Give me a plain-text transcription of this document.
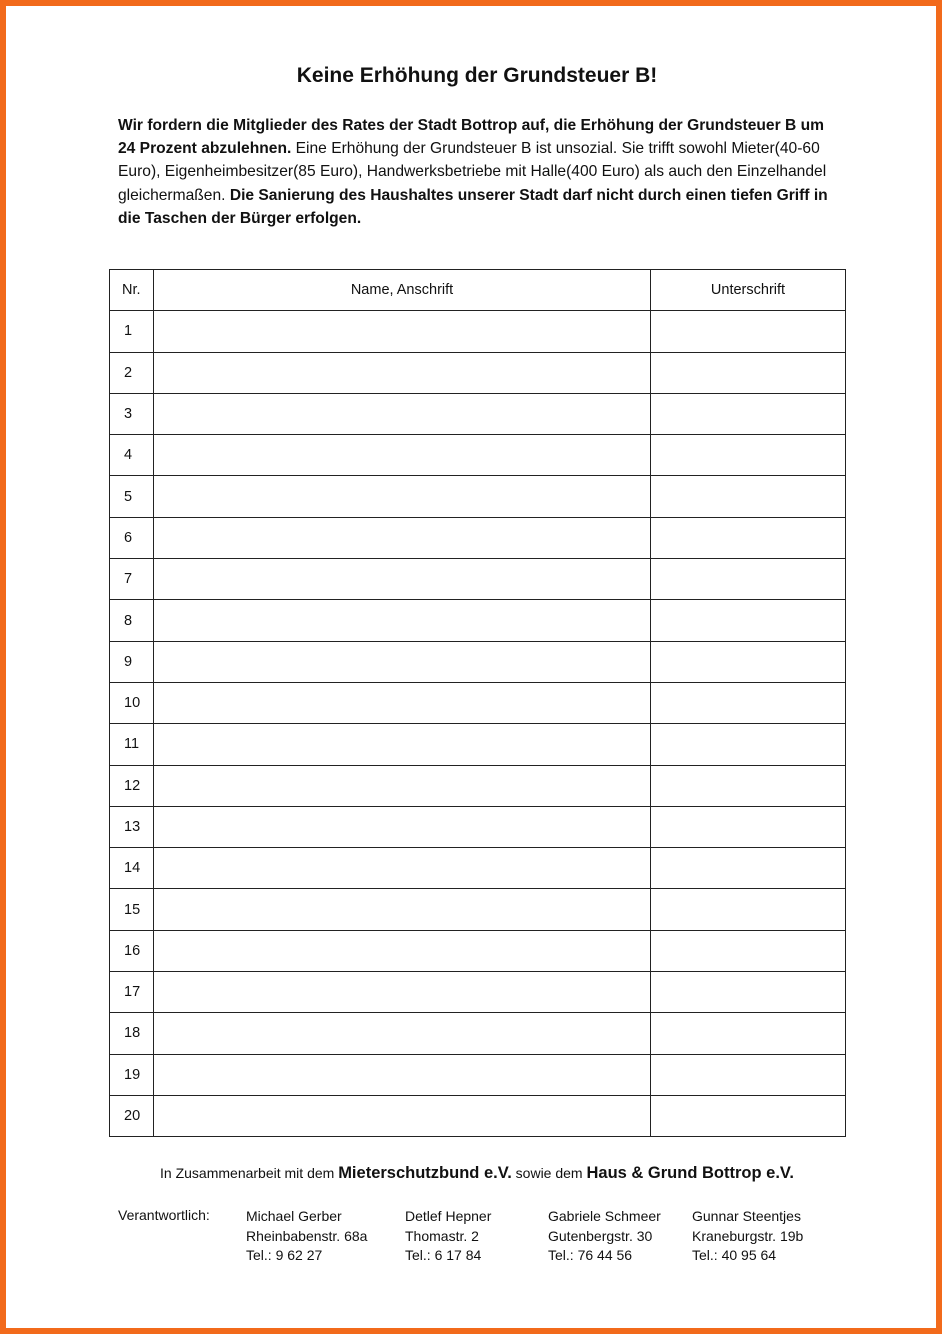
Keine Erhöhung der Grundsteuer B!
Wir fordern die Mitglieder des Rates der Stadt Bottrop auf, die Erhöhung der Grundsteuer B um 24 Prozent abzulehnen. Eine Erhöhung der Grundsteuer B ist unsozial. Sie trifft sowohl Mieter(40-60 Euro), Eigenheimbesitzer(85 Euro), Handwerksbetriebe mit Halle(400 Euro) als auch den Einzelhandel gleichermaßen. Die Sanierung des Haushaltes unserer Stadt darf nicht durch einen tiefen Griff in die Taschen der Bürger erfolgen.
Nr.	Name, Anschrift	Unterschrift
1		
2		
3		
4		
5		
6		
7		
8		
9		
10		
11		
12		
13		
14		
15		
16		
17		
18		
19		
20		
In Zusammenarbeit mit dem Mieterschutzbund e.V. sowie dem Haus & Grund Bottrop e.V.
Verantwortlich:	Michael Gerber
Rheinbabenstr. 68a
Tel.: 9 62 27
Detlef Hepner
Thomastr. 2
Tel.: 6 17 84
Gabriele Schmeer
Gutenbergstr. 30
Tel.: 76 44 56
Gunnar Steentjes
Kraneburgstr. 19b
Tel.: 40 95 64
